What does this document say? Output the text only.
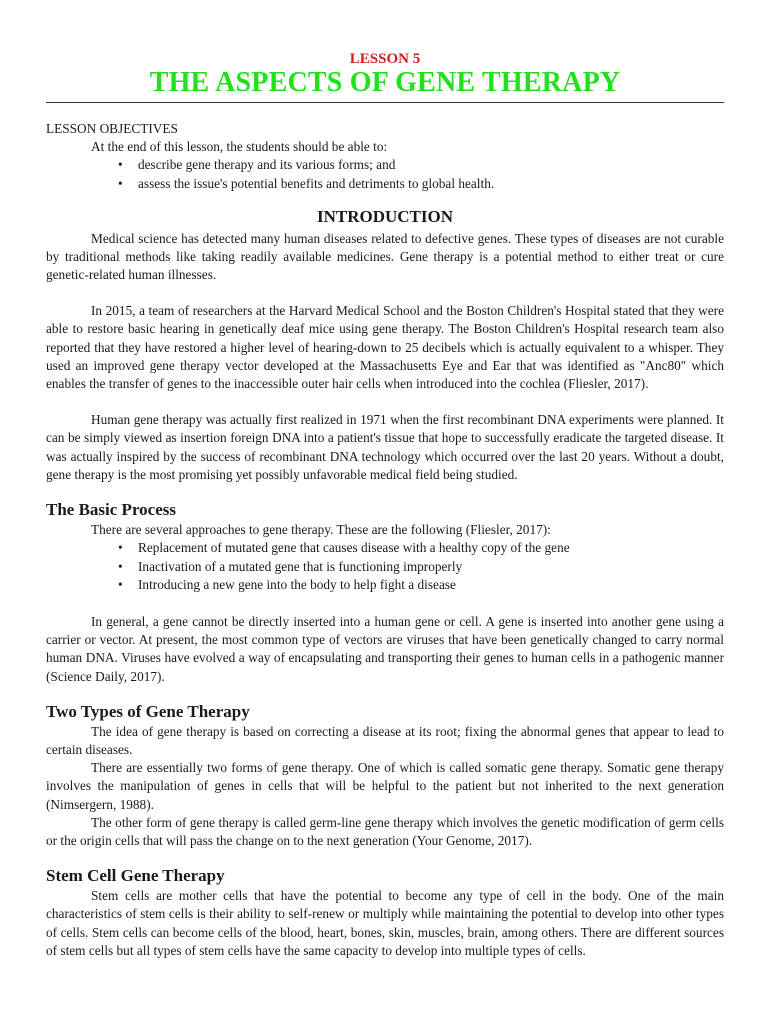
LESSON 5
THE ASPECTS OF GENE THERAPY

LESSON OBJECTIVES

At the end of this lesson, the students should be able to:

• describe gene therapy and its various forms; and
• assess the issue's potential benefits and detriments to global health.
INTRODUCTION

Medical science has detected many human diseases related to defective genes. These types of diseases are not curable by traditional methods like taking readily available medicines. Gene therapy is a potential method to either treat or cure genetic-related human illnesses.

In 2015, a team of researchers at the Harvard Medical School and the Boston Children's Hospital stated that they were able to restore basic hearing in genetically deaf mice using gene therapy. The Boston Children's Hospital research team also reported that they have restored a higher level of hearing-down to 25 decibels which is actually equivalent to a whisper. They used an improved gene therapy vector developed at the Massachusetts Eye and Ear that was identified as "Anc80" which enables the transfer of genes to the inaccessible outer hair cells when introduced into the cochlea (Fliesler, 2017).

Human gene therapy was actually first realized in 1971 when the first recombinant DNA experiments were planned. It can be simply viewed as insertion foreign DNA into a patient's tissue that hope to successfully eradicate the targeted disease. It was actually inspired by the success of recombinant DNA technology which occurred over the last 20 years. Without a doubt, gene therapy is the most promising yet possibly unfavorable medical field being studied.

The Basic Process

There are several approaches to gene therapy. These are the following (Fliesler, 2017):

• Replacement of mutated gene that causes disease with a healthy copy of the gene
• Inactivation of a mutated gene that is functioning improperly
• Introducing a new gene into the body to help fight a disease

In general, a gene cannot be directly inserted into a human gene or cell. A gene is inserted into another gene using a carrier or vector. At present, the most common type of vectors are viruses that have been genetically changed to carry normal human DNA. Viruses have evolved a way of encapsulating and transporting their genes to human cells in a pathogenic manner (Science Daily, 2017).

Two Types of Gene Therapy

The idea of gene therapy is based on correcting a disease at its root; fixing the abnormal genes that appear to lead to certain diseases.

There are essentially two forms of gene therapy. One of which is called somatic gene therapy. Somatic gene therapy involves the manipulation of genes in cells that will be helpful to the patient but not inherited to the next generation (Nimsergern, 1988).

The other form of gene therapy is called germ-line gene therapy which involves the genetic modification of germ cells or the origin cells that will pass the change on to the next generation (Your Genome, 2017).

Stem Cell Gene Therapy

Stem cells are mother cells that have the potential to become any type of cell in the body. One of the main characteristics of stem cells is their ability to self-renew or multiply while maintaining the potential to develop into other types of cells. Stem cells can become cells of the blood, heart, bones, skin, muscles, brain, among others. There are different sources of stem cells but all types of stem cells have the same capacity to develop into multiple types of cells.
